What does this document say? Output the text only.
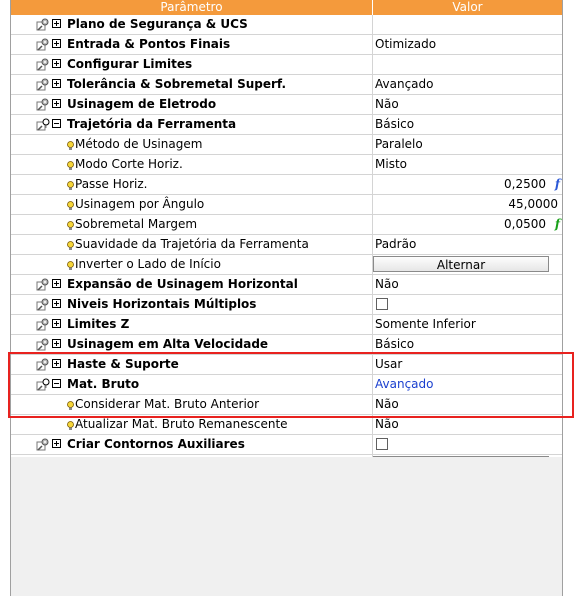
Parâmetro	Valor
Plano de Segurança & UCS
Entrada & Pontos Finais	Otimizado
Configurar Limites
Tolerância & Sobremetal Superf.	Avançado
Usinagem de Eletrodo	Não
Trajetória da Ferramenta	Básico
Método de Usinagem	Paralelo
Modo Corte Horiz.	Misto
Passe Horiz.	0,2500 f
Usinagem por Ângulo	45,0000
Sobremetal Margem	0,0500 f
Suavidade da Trajetória da Ferramenta	Padrão
Inverter o Lado de Início	Alternar
Expansão de Usinagem Horizontal	Não
Niveis Horizontais Múltiplos
Limites Z	Somente Inferior
Usinagem em Alta Velocidade	Básico
Haste & Suporte	Usar
Mat. Bruto	Avançado
Considerar Mat. Bruto Anterior	Não
Atualizar Mat. Bruto Remanescente	Não
Criar Contornos Auxiliares
